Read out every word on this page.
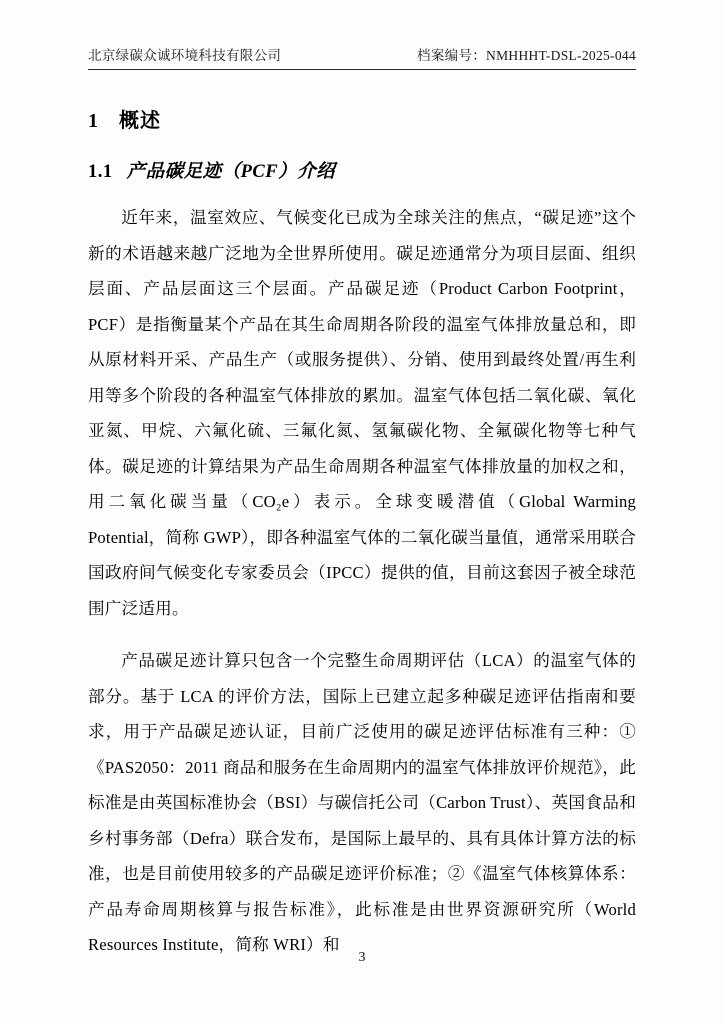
北京绿碳众诚环境科技有限公司	档案编号：NMHHHT-DSL-2025-044
1 概述
1.1 产品碳足迹（PCF）介绍

近年来，温室效应、气候变化已成为全球关注的焦点，“碳足迹”这个新的术语越来越广泛地为全世界所使用。碳足迹通常分为项目层面、组织层面、产品层面这三个层面。产品碳足迹（Product Carbon Footprint，PCF）是指衡量某个产品在其生命周期各阶段的温室气体排放量总和，即从原材料开采、产品生产（或服务提供）、分销、使用到最终处置/再生利用等多个阶段的各种温室气体排放的累加。温室气体包括二氧化碳、氧化亚氮、甲烷、六氟化硫、三氟化氮、氢氟碳化物、全氟碳化物等七种气体。碳足迹的计算结果为产品生命周期各种温室气体排放量的加权之和，用二氧化碳当量（CO₂e）表示。全球变暖潜值（Global Warming Potential，简称 GWP），即各种温室气体的二氧化碳当量值，通常采用联合国政府间气候变化专家委员会（IPCC）提供的值，目前这套因子被全球范围广泛适用。

产品碳足迹计算只包含一个完整生命周期评估（LCA）的温室气体的部分。基于 LCA 的评价方法，国际上已建立起多种碳足迹评估指南和要求，用于产品碳足迹认证，目前广泛使用的碳足迹评估标准有三种：①《PAS2050：2011 商品和服务在生命周期内的温室气体排放评价规范》，此标准是由英国标准协会（BSI）与碳信托公司（Carbon Trust）、英国食品和乡村事务部（Defra）联合发布，是国际上最早的、具有具体计算方法的标准，也是目前使用较多的产品碳足迹评价标准；②《温室气体核算体系：产品寿命周期核算与报告标准》，此标准是由世界资源研究所（World Resources Institute，简称 WRI）和

3
